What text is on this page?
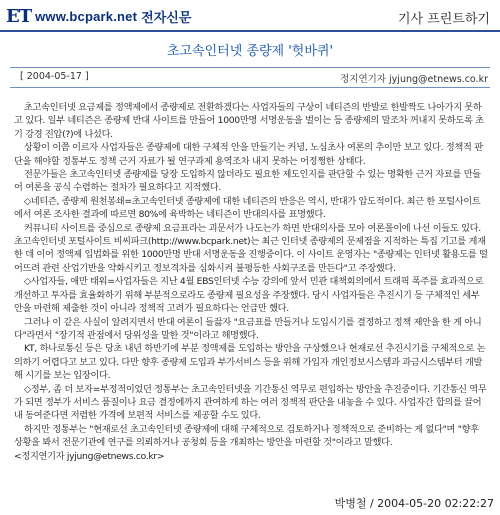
ET www.bcpark.net 전자신문	기사 프린트하기
초고속인터넷 종량제 '헛바퀴'
[ 2004-05-17 ]	정지연기자 jyjung@etnews.co.kr

초고속인터넷 요금제를 정액제에서 종량제로 전환하겠다는 사업자들의 구상이 네티즌의 반발로 한발짝도 나아가지 못하고 있다. 일부 네티즌은 종량제 반대 사이트를 만들어 1000만명 서명운동을 벌이는 등 종량제의 말조차 꺼내지 못하도록 초기 강경 진압(?)에 나섰다.

상황이 이쯤 이르자 사업자들은 종량제에 대한 구체적 안을 만들기는 커녕, 노심초사 여론의 추이만 보고 있다. 정책적 판단을 해야할 정통부도 정책 근거 자료가 될 연구과제 용역조차 내지 못하는 어정쩡한 상태다.

전문가들은 초고속인터넷 종량제를 당장 도입하지 않더라도 필요한 제도인지를 판단할 수 있는 명확한 근거 자료를 만들어 여론을 공식 수렴하는 절차가 필요하다고 지적했다.

◇네티즌, 종량제 원천봉쇄=초고속인터넷 종량제에 대한 네티즌의 반응은 역시, 반대가 압도적이다. 최근 한 포털사이트에서 여론 조사한 결과에 따르면 80%에 육박하는 네티즌이 반대의사를 표명했다.

커뮤니티 사이트를 중심으로 종량제 요금표라는 괴문서가 나도는가 하면 반대의사를 모아 여론몰이에 나선 이들도 있다. 초고속인터넷 포털사이트 비씨파크(http://www.bcpark.net)는 최근 인터넷 종량제의 문제점을 지적하는 특집 기고를 게재한 데 이어 정액제 입법화를 위한 1000만명 반대 서명운동을 진행중이다. 이 사이트 운영자는 "종량제는 인터넷 활용도를 떨어뜨려 관련 산업기반을 약화시키고 정보격차를 심화시켜 불평등한 사회구조를 만든다"고 주장했다.

◇사업자들, 애만 태워=사업자들은 지난 4월 EBS인터넷 수능 강의에 앞서 민관 대책회의에서 트래픽 폭주를 효과적으로 개선하고 투자를 효율화하기 위해 부분적으로라도 종량제 필요성을 주장했다. 당시 사업자들은 추진시기 등 구체적인 세부안을 마련해 제출한 것이 아니라 정책적 고려가 필요하다는 언급만 했다.

그러나 이 같은 사실이 알려지면서 반대 여론이 들끓자 "요금표를 만들거나 도입시기를 결정하고 정책 제안을 한 게 아니다"라면서 "장기적 관점에서 당위성을 말한 것"이라고 해명했다.

KT, 하나로통신 등은 당초 내년 하반기에 부분 정액제를 도입하는 방안을 구상했으나 현재로선 추진시기를 구체적으로 논의하기 어렵다고 보고 있다. 다만 향후 종량제 도입과 부가서비스 등을 위해 가입자 개인정보시스템과 과금시스템부터 개발해 시기를 보는 입장이다.

◇정부, 좀 더 보자=부정적이었던 정통부는 초고속인터넷을 기간통신 역무로 편입하는 방안을 추진중이다. 기간통신 역무가 되면 정부가 서비스 품질이나 요금 결정에까지 관여하게 하는 여러 정책적 판단을 내놓을 수 있다. 사업자간 합의를 끌어내 동여준다면 저렴한 가격에 보편적 서비스를 제공할 수도 있다.

하지만 정통부는 "현재로선 초고속인터넷 종량제에 대해 구체적으로 검토하거나 정책적으로 준비하는 게 없다"며 "향후 상황을 봐서 전문기관에 연구를 의뢰하거나 공청회 등을 개최하는 방안을 마련할 것"이라고 말했다.

<정지연기자 jyjung@etnews.co.kr>

박병철 / 2004-05-20 02:22:27
